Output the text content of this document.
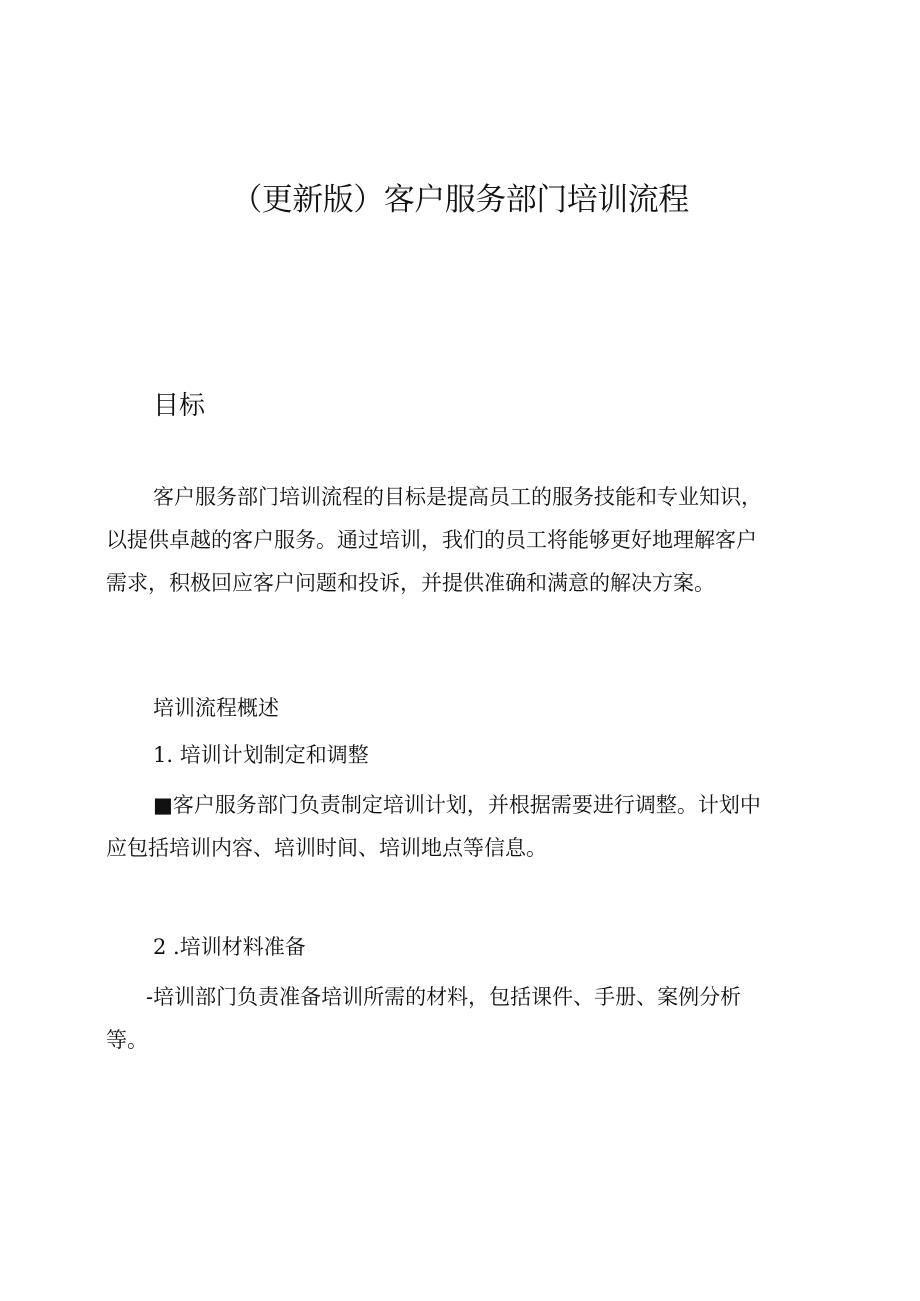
（更新版）客户服务部门培训流程
目标
客户服务部门培训流程的目标是提高员工的服务技能和专业知识，
以提供卓越的客户服务。通过培训，我们的员工将能够更好地理解客户
需求，积极回应客户问题和投诉，并提供准确和满意的解决方案。

培训流程概述

1. 培训计划制定和调整

■客户服务部门负责制定培训计划，并根据需要进行调整。计划中
应包括培训内容、培训时间、培训地点等信息。

2 .培训材料准备

-培训部门负责准备培训所需的材料，包括课件、手册、案例分析
等。
